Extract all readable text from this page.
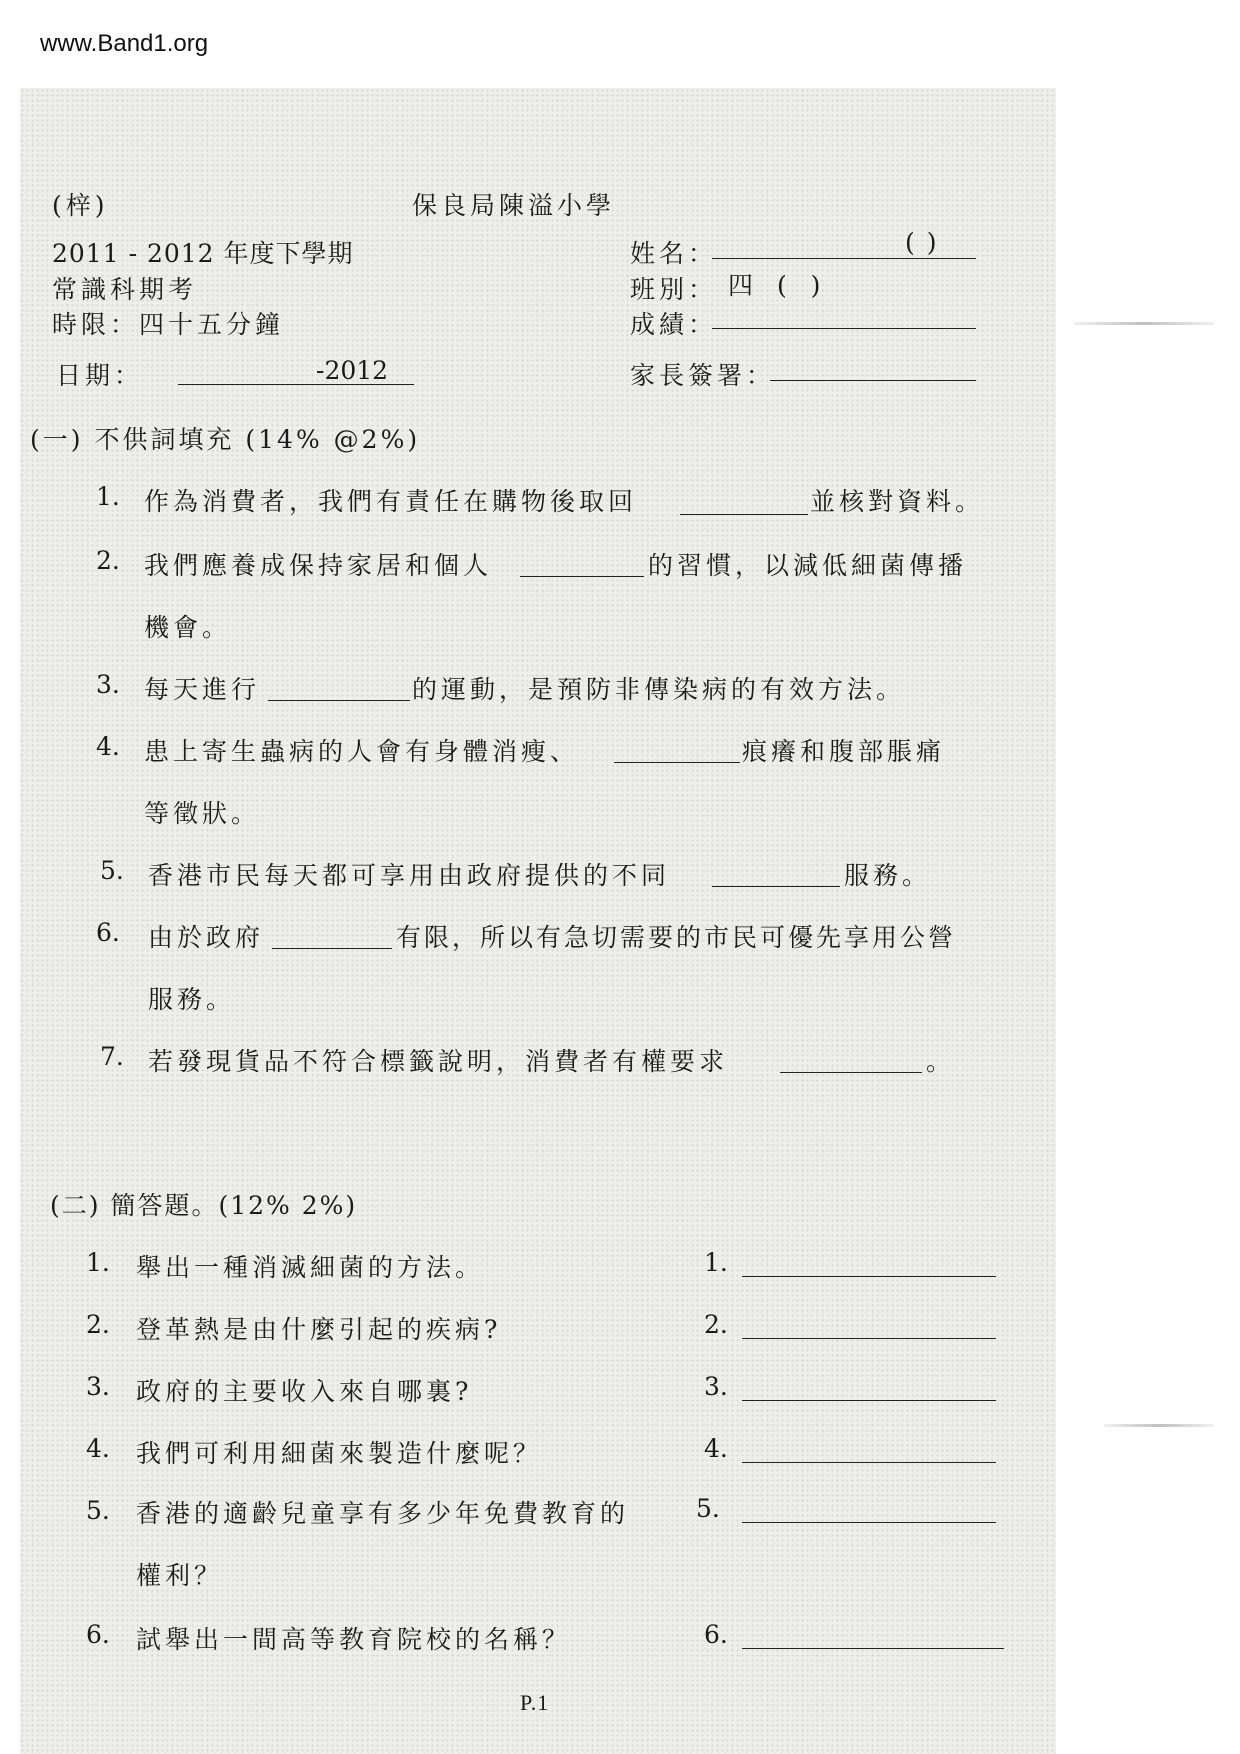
www.Band1.org
(梓)	保良局陳溢小學
2011 - 2012 年度下學期
常識科期考
時限：四十五分鐘
日期：	-2012
姓名：	( )
班別： 四 ( )
成績：
家長簽署：
(一) 不供詞填充 (14% @2%)
1. 作為消費者，我們有責任在購物後取回	並核對資料。
2. 我們應養成保持家居和個人	的習慣，以減低細菌傳播
機會。
3. 每天進行	的運動，是預防非傳染病的有效方法。
4. 患上寄生蟲病的人會有身體消瘦、	痕癢和腹部脹痛
等徵狀。
5. 香港市民每天都可享用由政府提供的不同	服務。
6. 由於政府	有限，所以有急切需要的市民可優先享用公營
服務。
7. 若發現貨品不符合標籤說明，消費者有權要求	。
(二) 簡答題。(12% 2%)
1. 舉出一種消滅細菌的方法。	1.
2. 登革熱是由什麼引起的疾病?	2.
3. 政府的主要收入來自哪裏?	3.
4. 我們可利用細菌來製造什麼呢？	4.
5. 香港的適齡兒童享有多少年免費教育的	5.
權利？
6. 試舉出一間高等教育院校的名稱？	6.
P.1
